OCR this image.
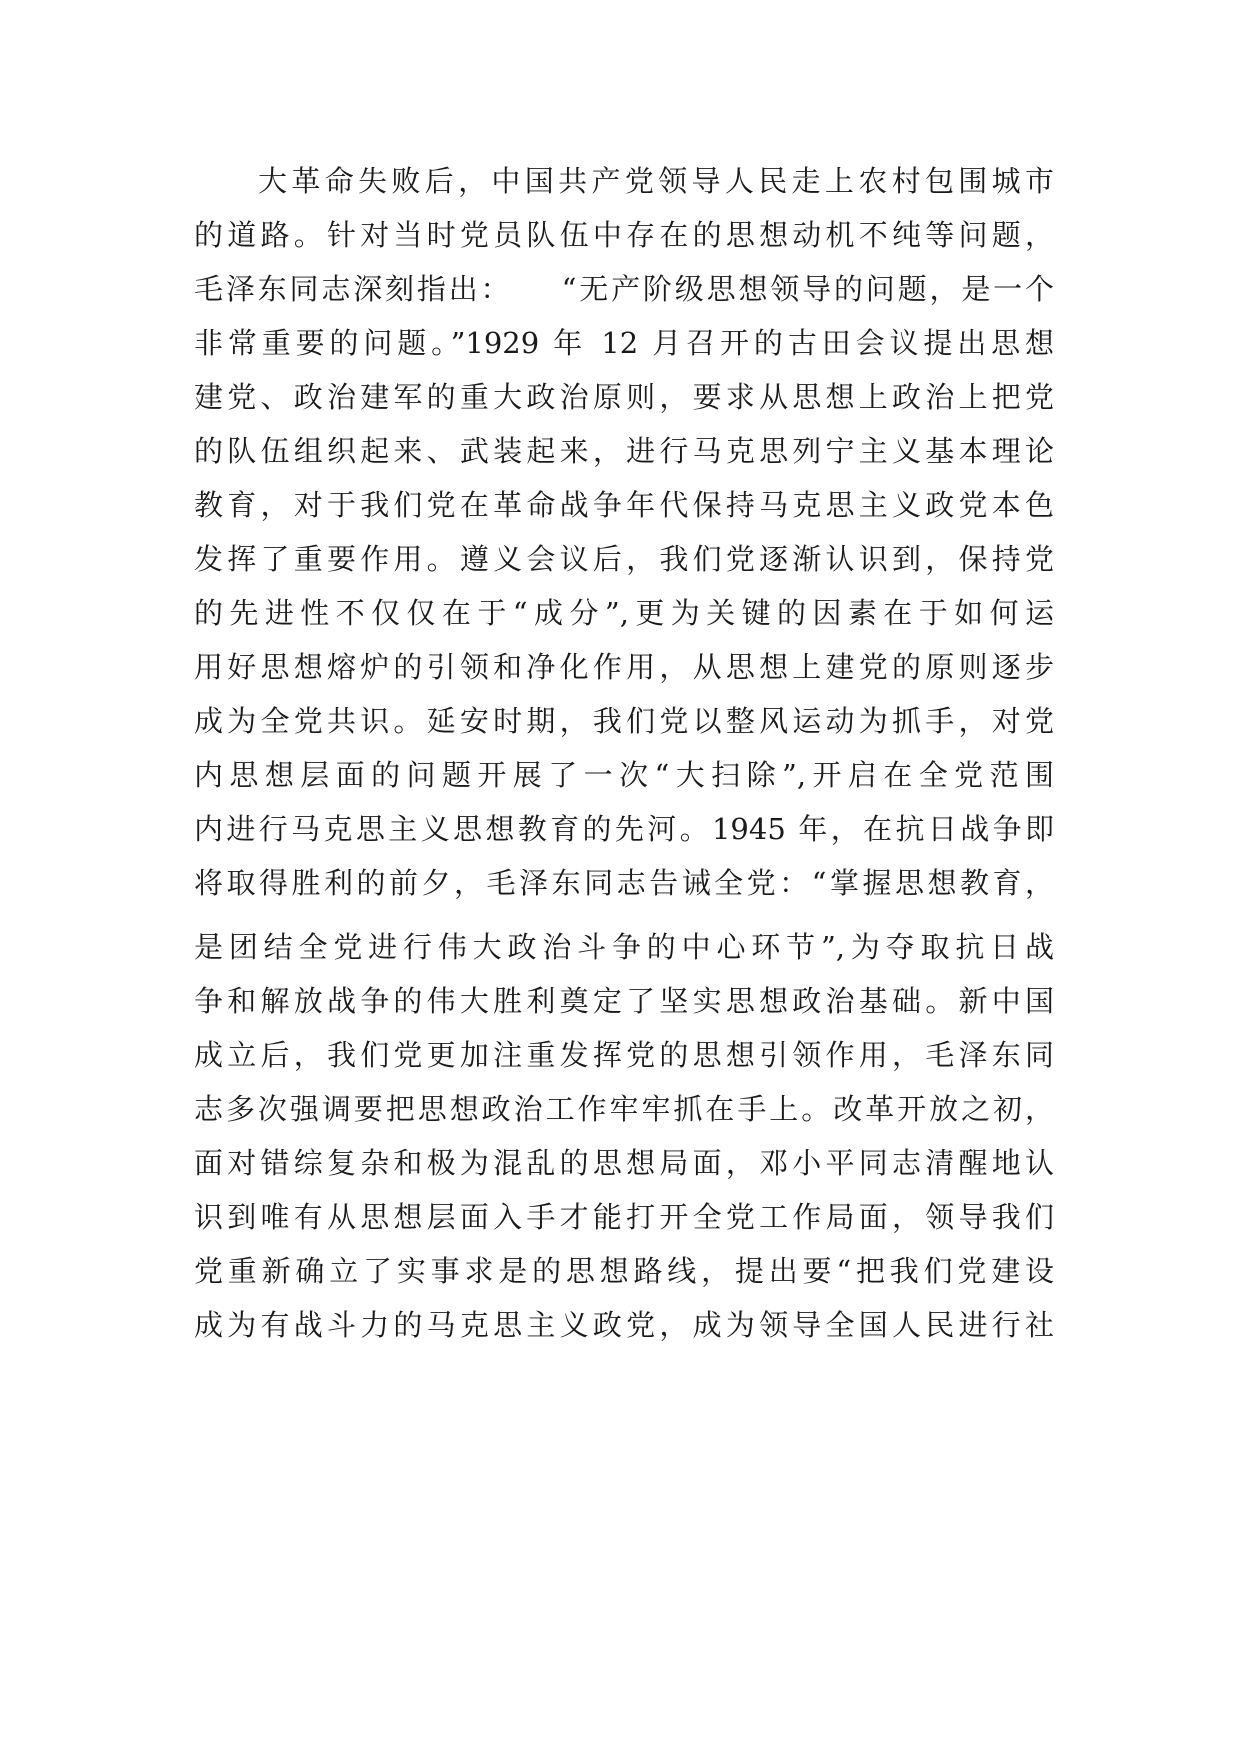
大革命失败后，中国共产党领导人民走上农村包围城市
的道路。针对当时党员队伍中存在的思想动机不纯等问题，
毛泽东同志深刻指出：　　“无产阶级思想领导的问题，是一个
非常重要的问题。”1929 年 12 月召开的古田会议提出思想
建党、政治建军的重大政治原则，要求从思想上政治上把党
的队伍组织起来、武装起来，进行马克思列宁主义基本理论
教育，对于我们党在革命战争年代保持马克思主义政党本色
发挥了重要作用。遵义会议后，我们党逐渐认识到，保持党
的先进性不仅仅在于“成分”,更为关键的因素在于如何运
用好思想熔炉的引领和净化作用，从思想上建党的原则逐步
成为全党共识。延安时期，我们党以整风运动为抓手，对党
内思想层面的问题开展了一次“大扫除”,开启在全党范围
内进行马克思主义思想教育的先河。1945 年，在抗日战争即
将取得胜利的前夕，毛泽东同志告诫全党：“掌握思想教育，
是团结全党进行伟大政治斗争的中心环节”,为夺取抗日战
争和解放战争的伟大胜利奠定了坚实思想政治基础。新中国
成立后，我们党更加注重发挥党的思想引领作用，毛泽东同
志多次强调要把思想政治工作牢牢抓在手上。改革开放之初，
面对错综复杂和极为混乱的思想局面，邓小平同志清醒地认
识到唯有从思想层面入手才能打开全党工作局面，领导我们
党重新确立了实事求是的思想路线，提出要“把我们党建设
成为有战斗力的马克思主义政党，成为领导全国人民进行社
